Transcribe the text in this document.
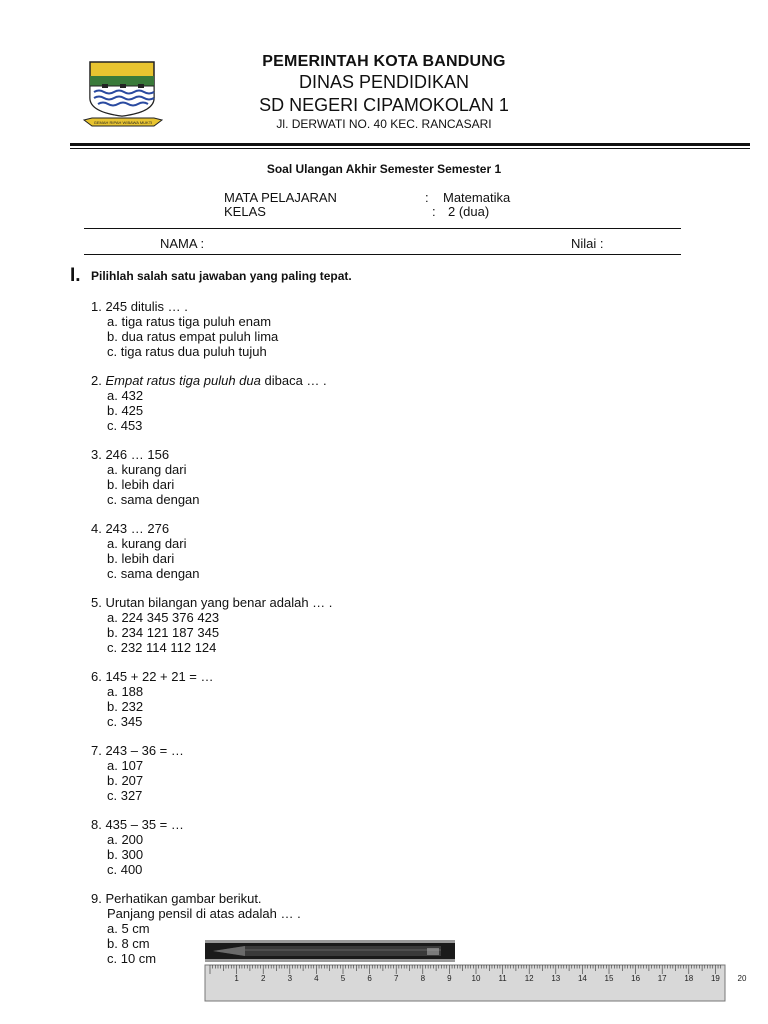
GEMAH RIPAH WIBAWA MUKTI
PEMERINTAH KOTA BANDUNG
DINAS PENDIDIKAN
SD NEGERI CIPAMOKOLAN 1
Jl. DERWATI NO. 40 KEC. RANCASARI
Soal Ulangan Akhir Semester Semester 1
MATA PELAJARAN	: Matematika
KELAS	: 2 (dua)
NAMA :	Nilai :
I. Pilihlah salah satu jawaban yang paling tepat.
1. 245 ditulis … .
a. tiga ratus tiga puluh enam
b. dua ratus empat puluh lima
c. tiga ratus dua puluh tujuh
2. Empat ratus tiga puluh dua dibaca … .
a. 432
b. 425
c. 453
3. 246 … 156
a. kurang dari
b. lebih dari
c. sama dengan
4. 243 … 276
a. kurang dari
b. lebih dari
c. sama dengan
5. Urutan bilangan yang benar adalah … .
a. 224 345 376 423
b. 234 121 187 345
c. 232 114 112 124
6. 145 + 22 + 21 = …
a. 188
b. 232
c. 345
7. 243 – 36 = …
a. 107
b. 207
c. 327
8. 435 – 35 = …
a. 200
b. 300
c. 400
9. Perhatikan gambar berikut.
Panjang pensil di atas adalah … .
a. 5 cm
b. 8 cm
c. 10 cm
1	2	3	4	5	6	7	8	9 10 11 12 13 14 15 16 17 18 19 20
